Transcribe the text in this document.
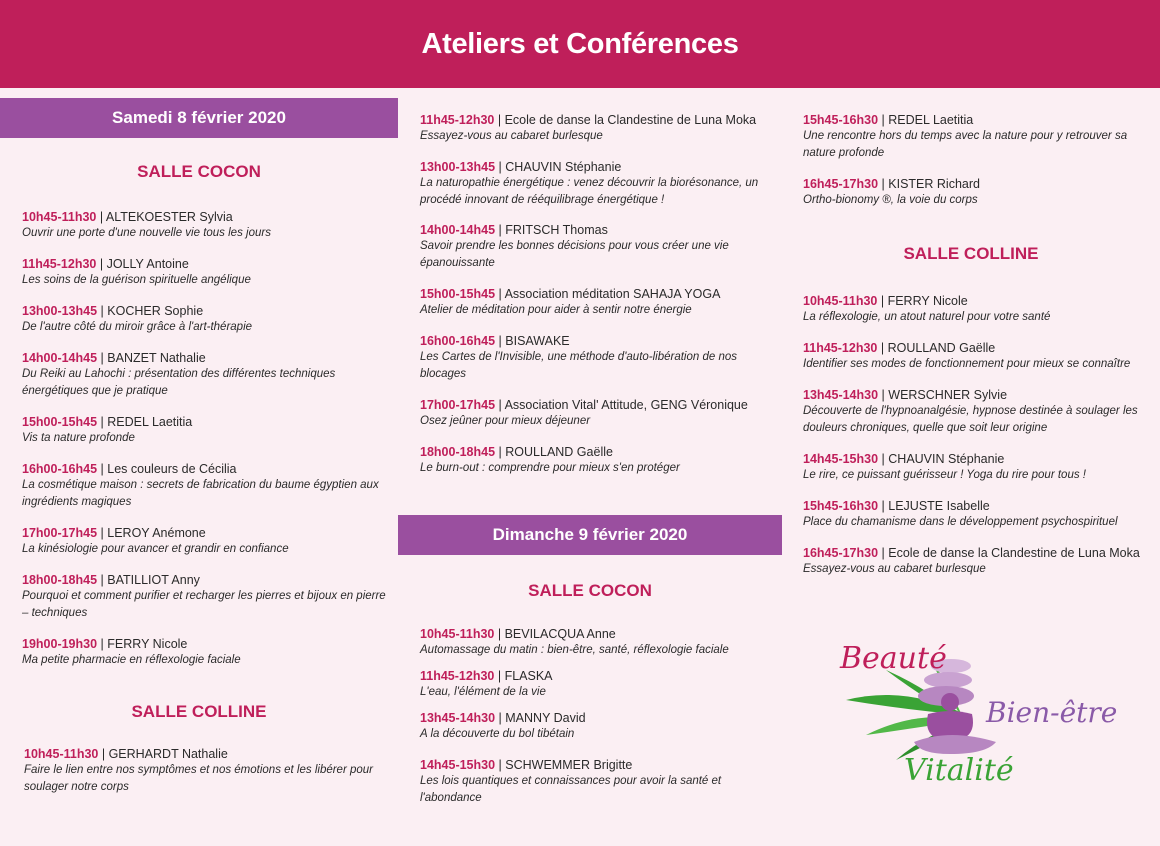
Ateliers et Conférences
Samedi 8 février 2020
Dimanche 9 février 2020
SALLE COCON
SALLE COLLINE
SALLE COCON
SALLE COLLINE
10h45-11h30 | ALTEKOESTER Sylvia
Ouvrir une porte d'une nouvelle vie tous les jours
11h45-12h30 | JOLLY Antoine
Les soins de la guérison spirituelle angélique
13h00-13h45 | KOCHER Sophie
De l'autre côté du miroir grâce à l'art-thérapie
14h00-14h45 | BANZET Nathalie
Du Reiki au Lahochi : présentation des différentes techniques énergétiques que je pratique
15h00-15h45 | REDEL Laetitia
Vis ta nature profonde
16h00-16h45 | Les couleurs de Cécilia
La cosmétique maison : secrets de fabrication du baume égyptien aux ingrédients magiques
17h00-17h45 | LEROY Anémone
La kinésiologie pour avancer et grandir en confiance
18h00-18h45 | BATILLIOT Anny
Pourquoi et comment purifier et recharger les pierres et bijoux en pierre – techniques
19h00-19h30 | FERRY Nicole
Ma petite pharmacie en réflexologie faciale
10h45-11h30 | GERHARDT Nathalie
Faire le lien entre nos symptômes et nos émotions et les libérer pour soulager notre corps
11h45-12h30 | Ecole de danse la Clandestine de Luna Moka
Essayez-vous au cabaret burlesque
13h00-13h45 | CHAUVIN Stéphanie
La naturopathie énergétique : venez découvrir la biorésonance, un procédé innovant de rééquilibrage énergétique !
14h00-14h45 | FRITSCH Thomas
Savoir prendre les bonnes décisions pour vous créer une vie épanouissante
15h00-15h45 | Association méditation SAHAJA YOGA
Atelier de méditation pour aider à sentir notre énergie
16h00-16h45 | BISAWAKE
Les Cartes de l'Invisible, une méthode d'auto-libération de nos blocages
17h00-17h45 | Association Vital' Attitude, GENG Véronique
Osez jeûner pour mieux déjeuner
18h00-18h45 | ROULLAND Gaëlle
Le burn-out : comprendre pour mieux s'en protéger
10h45-11h30 | BEVILACQUA Anne
Automassage du matin : bien-être, santé, réflexologie faciale
11h45-12h30 | FLASKA
L'eau, l'élément de la vie
13h45-14h30 | MANNY David
A la découverte du bol tibétain
14h45-15h30 | SCHWEMMER Brigitte
Les lois quantiques et connaissances pour avoir la santé et l'abondance
15h45-16h30 | REDEL Laetitia
Une rencontre hors du temps avec la nature pour y retrouver sa nature profonde
16h45-17h30 | KISTER Richard
Ortho-bionomy ®, la voie du corps
10h45-11h30 | FERRY Nicole
La réflexologie, un atout naturel pour votre santé
11h45-12h30 | ROULLAND Gaëlle
Identifier ses modes de fonctionnement pour mieux se connaître
13h45-14h30 | WERSCHNER Sylvie
Découverte de l'hypnoanalgésie, hypnose destinée à soulager les douleurs chroniques, quelle que soit leur origine
14h45-15h30 | CHAUVIN Stéphanie
Le rire, ce puissant guérisseur ! Yoga du rire pour tous !
15h45-16h30 | LEJUSTE Isabelle
Place du chamanisme dans le développement psychospirituel
16h45-17h30 | Ecole de danse la Clandestine de Luna Moka
Essayez-vous au cabaret burlesque
Beauté
Bien-être
Vitalité
